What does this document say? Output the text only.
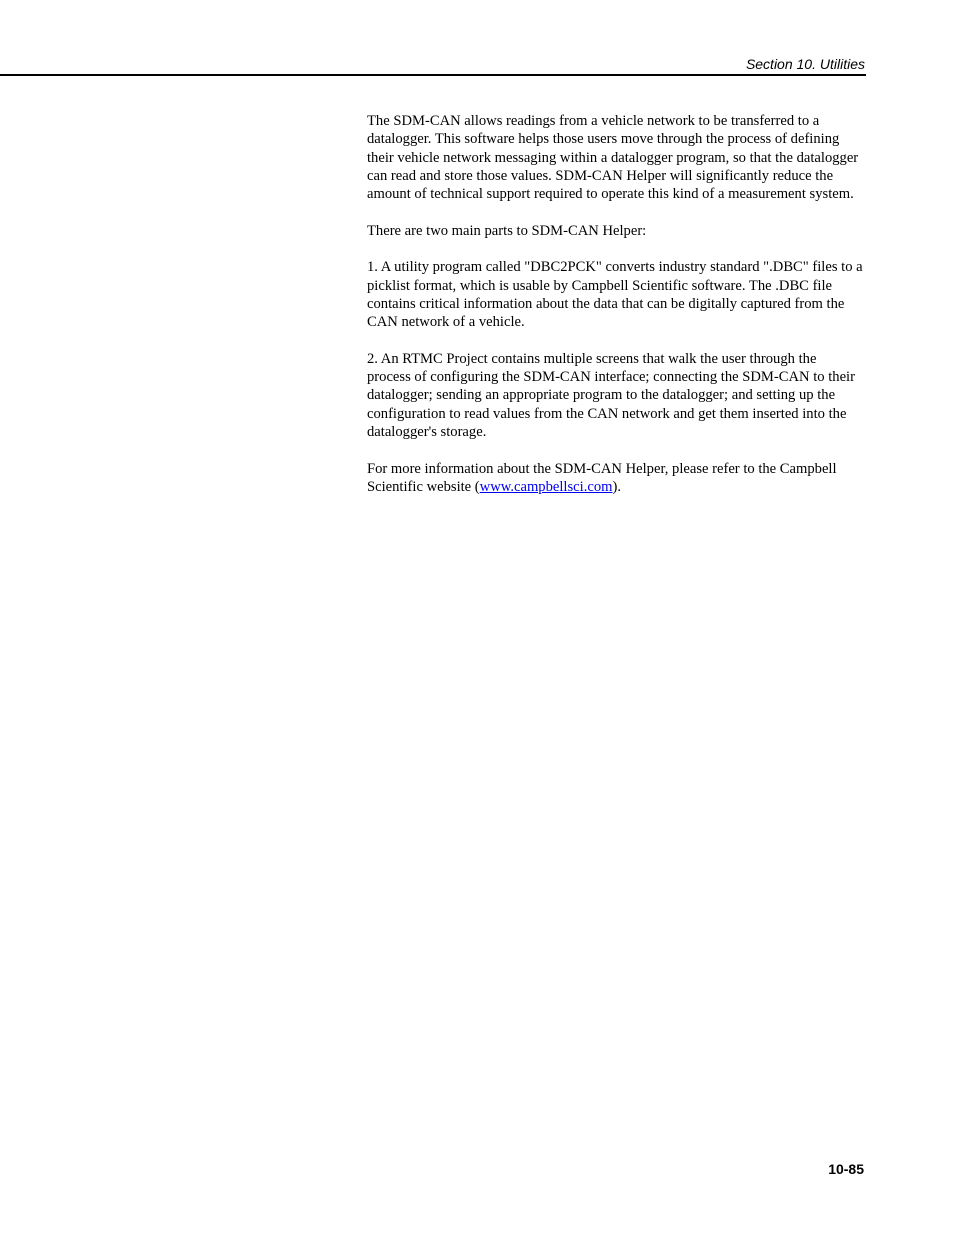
Section 10. Utilities

The SDM-CAN allows readings from a vehicle network to be transferred to a datalogger. This software helps those users move through the process of defining their vehicle network messaging within a datalogger program, so that the datalogger can read and store those values. SDM-CAN Helper will significantly reduce the amount of technical support required to operate this kind of a measurement system.

There are two main parts to SDM-CAN Helper:

1. A utility program called "DBC2PCK" converts industry standard ".DBC" files to a picklist format, which is usable by Campbell Scientific software. The .DBC file contains critical information about the data that can be digitally captured from the CAN network of a vehicle.

2. An RTMC Project contains multiple screens that walk the user through the process of configuring the SDM-CAN interface; connecting the SDM-CAN to their datalogger; sending an appropriate program to the datalogger; and setting up the configuration to read values from the CAN network and get them inserted into the datalogger's storage.

For more information about the SDM-CAN Helper, please refer to the Campbell Scientific website (www.campbellsci.com).

10-85
